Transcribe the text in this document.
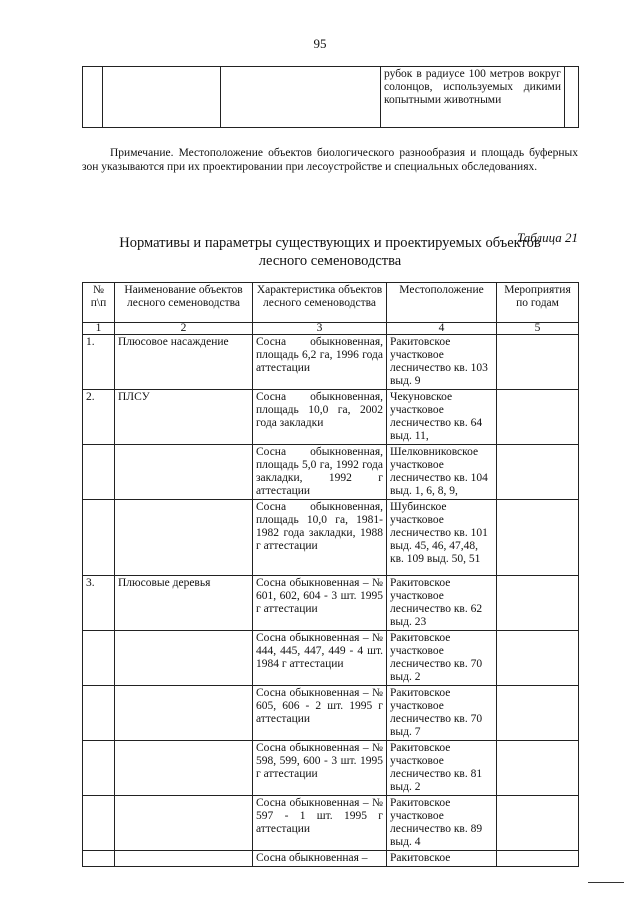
95
			рубок в радиусе 100 метров вокруг солонцов, используемых дикими копытными животными	
Примечание. Местоположение объектов биологического разнообразия и площадь буферных зон указываются при их проектировании при лесоустройстве и специальных обследованиях.
Таблица 21
Нормативы и параметры существующих и проектируемых объектов
лесного семеноводства
№ п\п	Наименование объектов лесного семеноводства	Характеристика объектов лесного семеноводства	Местоположение	Мероприятия по годам
1	2	3	4	5
1.	Плюсовое насаждение	Сосна обыкновенная, площадь 6,2 га, 1996 года аттестации	Ракитовское участковое лесничество кв. 103 выд. 9	
2.	ПЛСУ	Сосна обыкновенная, площадь 10,0 га, 2002 года закладки	Чекуновское участковое лесничество кв. 64 выд. 11,	
		Сосна обыкновенная, площадь 5,0 га, 1992 года закладки, 1992 г аттестации	Шелковниковское участковое лесничество кв. 104 выд. 1, 6, 8, 9,	
		Сосна обыкновенная, площадь 10,0 га, 1981-1982 года закладки, 1988 г аттестации	Шубинское участковое лесничество кв. 101 выд. 45, 46, 47,48, кв. 109 выд. 50, 51	
3.	Плюсовые деревья	Сосна обыкновенная – № 601, 602, 604 - 3 шт. 1995 г аттестации	Ракитовское участковое лесничество кв. 62 выд. 23	
		Сосна обыкновенная – № 444, 445, 447, 449 - 4 шт. 1984 г аттестации	Ракитовское участковое лесничество кв. 70 выд. 2	
		Сосна обыкновенная – № 605, 606 - 2 шт. 1995 г аттестации	Ракитовское участковое лесничество кв. 70 выд. 7	
		Сосна обыкновенная – № 598, 599, 600 - 3 шт. 1995 г аттестации	Ракитовское участковое лесничество кв. 81 выд. 2	
		Сосна обыкновенная – № 597 - 1 шт. 1995 г аттестации	Ракитовское участковое лесничество кв. 89 выд. 4	
		Сосна обыкновенная –	Ракитовское	
